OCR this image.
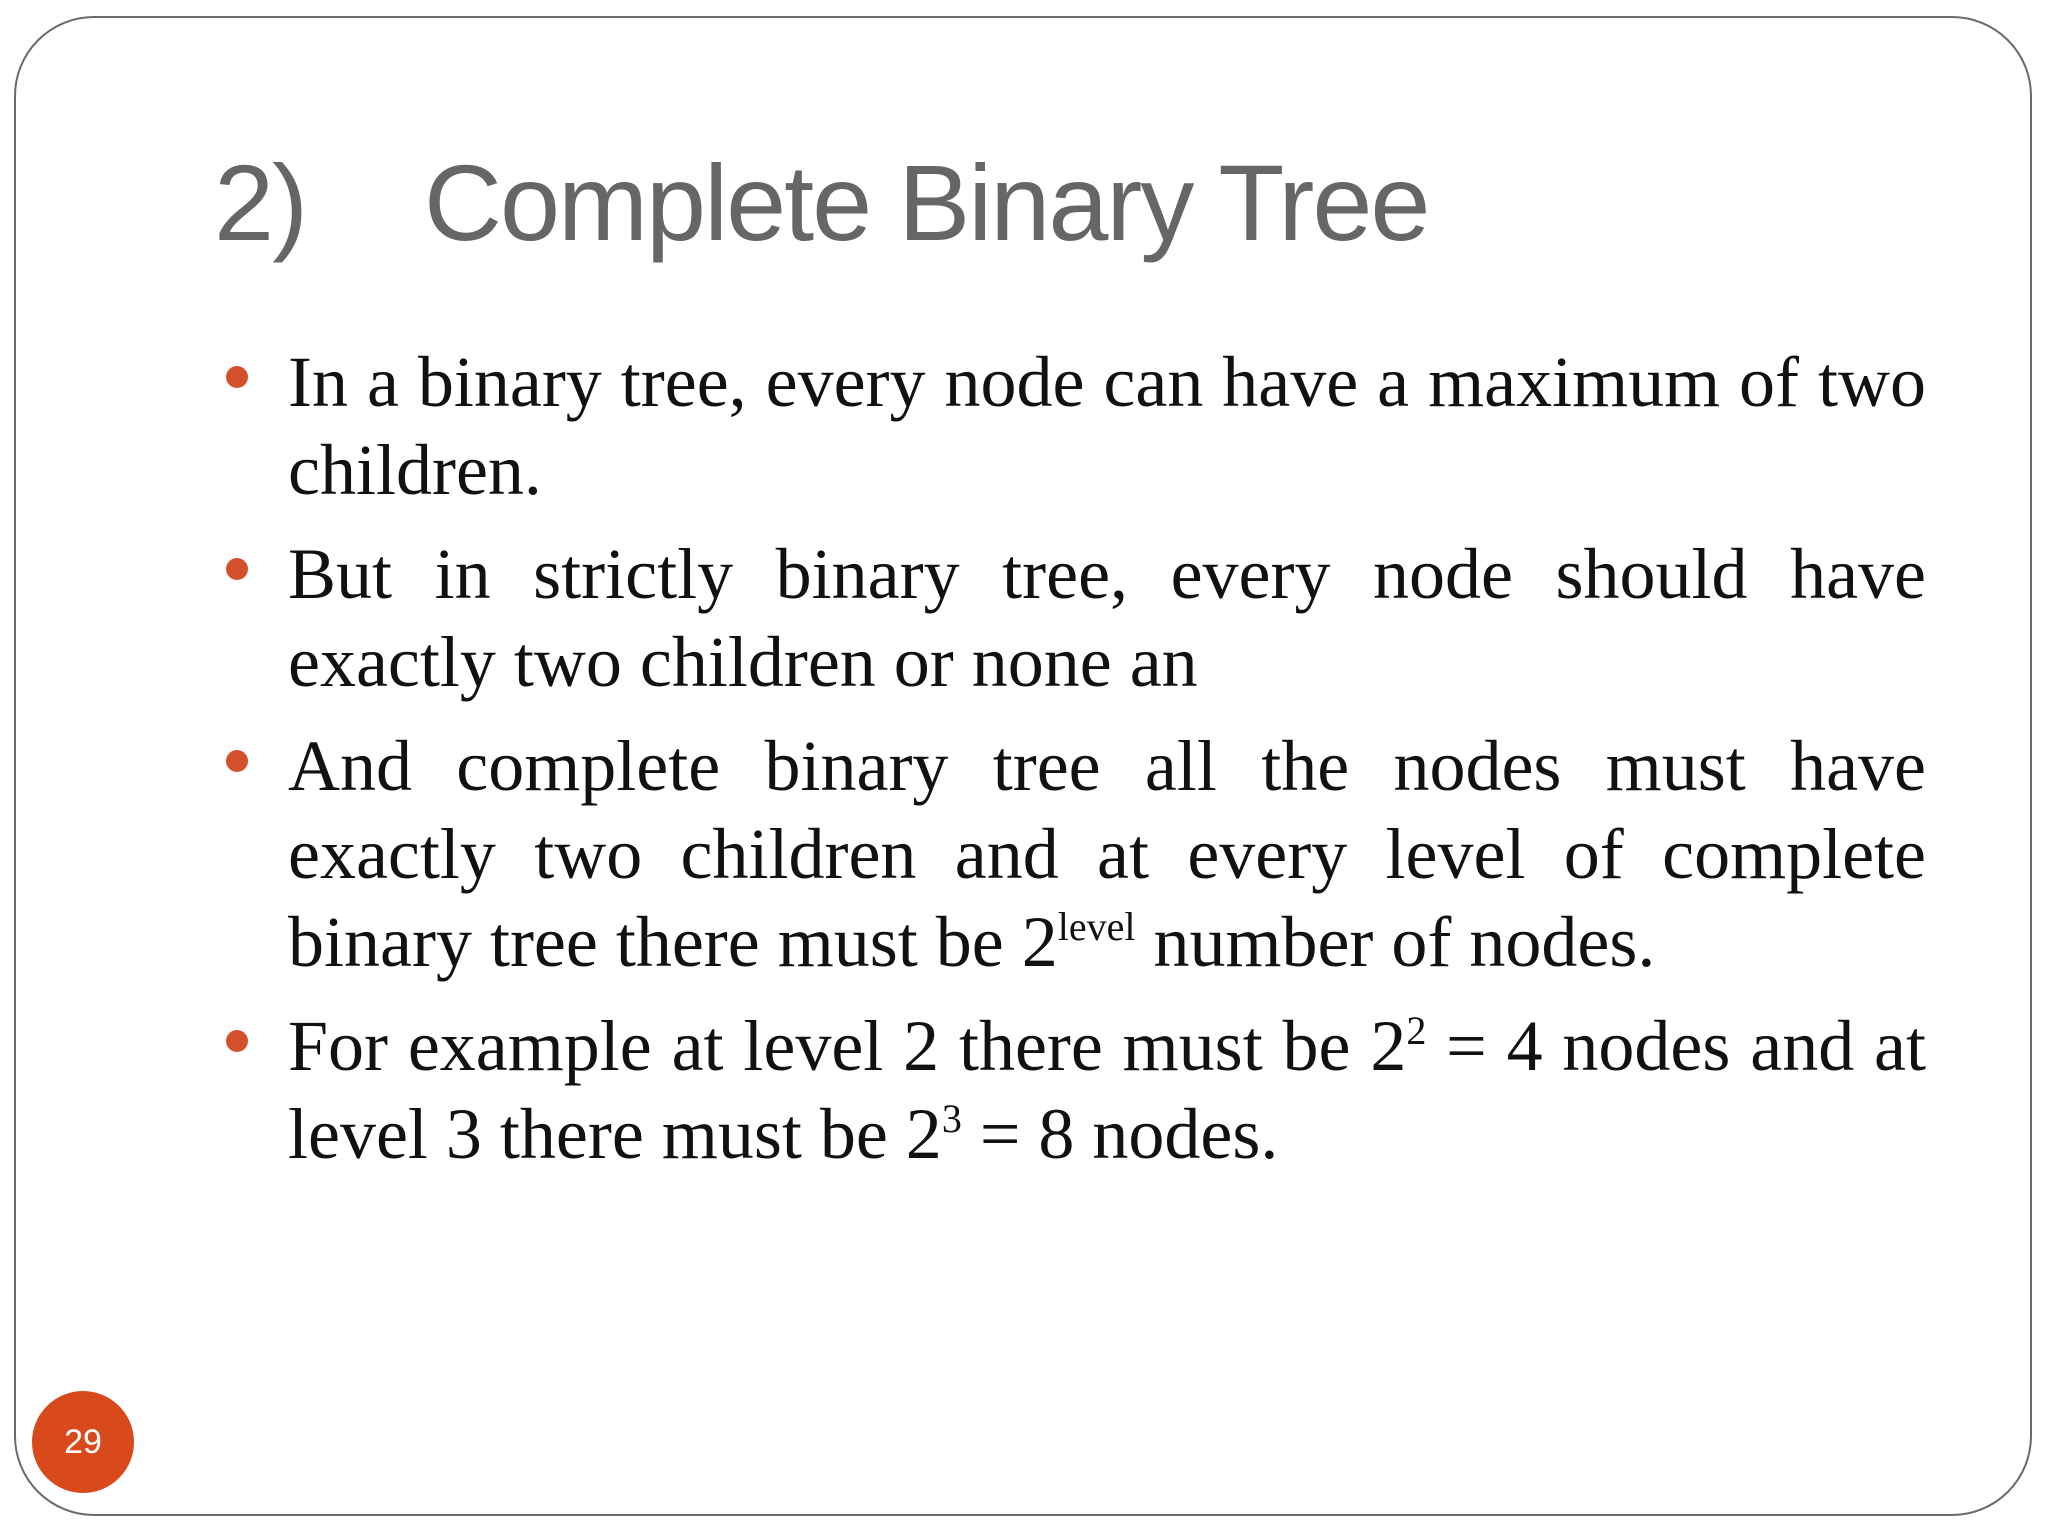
2) Complete Binary Tree
In a binary tree, every node can have a maximum of two children.
But in strictly binary tree, every node should have exactly two children or none an
And complete binary tree all the nodes must have exactly two children and at every level of complete binary tree there must be $2^{level}$ number of nodes.
For example at level 2 there must be $2^2 = 4$ nodes and at level 3 there must be $2^3 = 8$ nodes.
29
